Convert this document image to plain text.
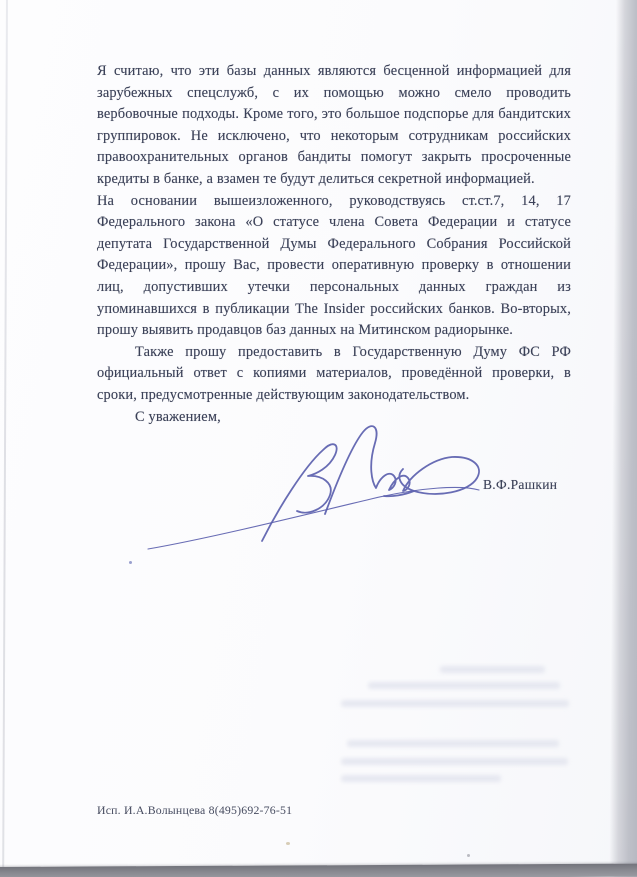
Я считаю, что эти базы данных являются бесценной информацией для зарубежных спецслужб, с их помощью можно смело проводить вербовочные подходы. Кроме того, это большое подспорье для бандитских группировок. Не исключено, что некоторым сотрудникам российских правоохранительных органов бандиты помогут закрыть просроченные кредиты в банке, а взамен те будут делиться секретной информацией.

На основании вышеизложенного, руководствуясь ст.ст.7, 14, 17 Федерального закона «О статусе члена Совета Федерации и статусе депутата Государственной Думы Федерального Собрания Российской Федерации», прошу Вас, провести оперативную проверку в отношении лиц, допустивших утечки персональных данных граждан из упоминавшихся в публикации The Insider российских банков. Во-вторых, прошу выявить продавцов баз данных на Митинском радиорынке.

Также прошу предоставить в Государственную Думу ФС РФ официальный ответ с копиями материалов, проведённой проверки, в сроки, предусмотренные действующим законодательством.

С уважением,

В.Ф.Рашкин
Исп. И.А.Волынцева 8(495)692-76-51
